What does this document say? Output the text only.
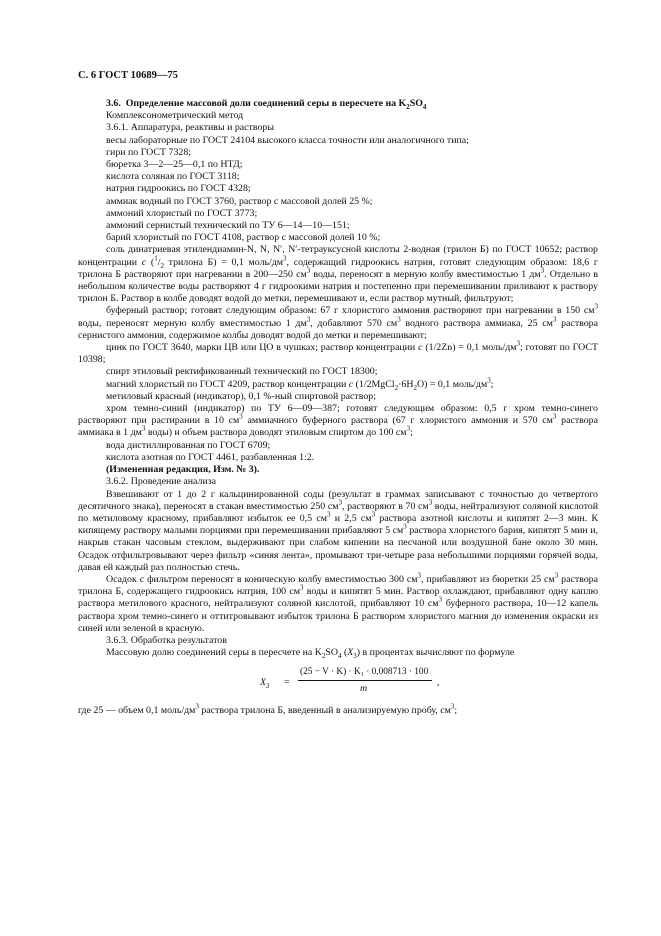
С. 6 ГОСТ 10689—75

3.6. Определение массовой доли соединений серы в пересчете на $K_2SO_4$

Комплексонометрический метод

3.6.1. Аппаратура, реактивы и растворы

весы лабораторные по ГОСТ 24104 высокого класса точности или аналогичного типа;

гири по ГОСТ 7328;

бюретка 3—2—25—0,1 по НТД;

кислота соляная по ГОСТ 3118;

натрия гидроокись по ГОСТ 4328;

аммиак водный по ГОСТ 3760, раствор с массовой долей 25 %;

аммоний хлористый по ГОСТ 3773;

аммоний сернистый технический по ТУ 6—14—10—151;

барий хлористый по ГОСТ 4108, раствор с массовой долей 10 %;

соль динатриевая этилендиамин-N, N, N′, N′-тетрауксусной кислоты 2-водная (трилон Б) по ГОСТ 10652; раствор концентрации c ($^1/_2$ трилона Б) = 0,1 моль/$дм^3$, содержащий гидроокись натрия, готовят следующим образом: 18,6 г трилона Б растворяют при нагревании в 200—250 $см^3$ воды, переносят в мерную колбу вместимостью 1 $дм^3$. Отдельно в небольшом количестве воды растворяют 4 г гидроокими натрия и постепенно при перемешивании приливают к раствору трилон Б. Раствор в колбе доводят водой до метки, перемешивают и, если раствор мутный, фильтруют;

буферный раствор; готовят следующим образом: 67 г хлористого аммония растворяют при нагревании в 150 $см^3$ воды, переносят мерную колбу вместимостью 1 $дм^3$, добавляют 570 $см^3$ водного раствора аммиака, 25 $см^3$ раствора сернистого аммония, содержимое колбы доводят водой до метки и перемешивают;

цинк по ГОСТ 3640, марки ЦВ или ЦО в чушках; раствор концентрации c (1/2Zn) = 0,1 моль/$дм^3$; готовят по ГОСТ 10398;

спирт этиловый ректификованный технический по ГОСТ 18300;

магний хлористый по ГОСТ 4209, раствор концентрации c $(1/2MgCl_2\cdot 6H_2O) = 0,1$ моль/$дм^3$;

метиловый красный (индикатор), 0,1 %-ный спиртовой раствор;

хром темно-синий (индикатор) по ТУ 6—09—387; готовят следующим образом: 0,5 г хром темно-синего растворяют при растирании в 10 $см^3$ аммиачного буферного раствора (67 г хлористого аммония и 570 $см^3$ раствора аммиака в 1 $дм^3$ воды) и объем раствора доводят этиловым спиртом до 100 $см^3$;

вода дистиллированная по ГОСТ 6709;

кислота азотная по ГОСТ 4461, разбавленная 1:2.

(Измененная редакция, Изм. № 3).

3.6.2. Проведение анализа

Взвешивают от 1 до 2 г кальцинированной соды (результат в граммах записывают с точностью до четвертого десятичного знака), переносят в стакан вместимостью 250 $см^3$, растворяют в 70 $см^3$ воды, нейтрализуют соляной кислотой по метиловому красному, прибавляют избыток ее 0,5 $см^3$ и 2,5 $см^3$ раствора азотной кислоты и кипятят 2—3 мин. К кипящему раствору малыми порциями при перемешивании прибавляют 5 $см^3$ раствора хлористого бария, кипятят 5 мин и, накрыв стакан часовым стеклом, выдерживают при слабом кипении на песчаной или воздушной бане около 30 мин. Осадок отфильтровывают через фильтр «синяя лента», промывают три-четыре раза небольшими порциями горячей воды, давая ей каждый раз полностью стечь.

Осадок с фильтром переносят в коническую колбу вместимостью 300 $см^3$, прибавляют из бюретки 25 $см^3$ раствора трилона Б, содержащего гидроокись натрия, 100 $см^3$ воды и кипятят 5 мин. Раствор охлаждают, прибавляют одну каплю раствора метилового красного, нейтрализуют соляной кислотой, прибавляют 10 $см^3$ буферного раствора, 10—12 капель раствора хром темно-синего и оттитровывают избыток трилона Б раствором хлористого магния до изменения окраски из синей или зеленой в красную.

3.6.3. Обработка результатов

Массовую долю соединений серы в пересчете на $K_2SO_4$ $(X_3)$ в процентах вычисляют по формуле

$X_3$ =
(25 − V · K) · K₁ · 0,008713 · 100
m
,

где 25 — объем 0,1 моль/$дм^3$ раствора трилона Б, введенный в анализируемую пробу, $см^3$;
